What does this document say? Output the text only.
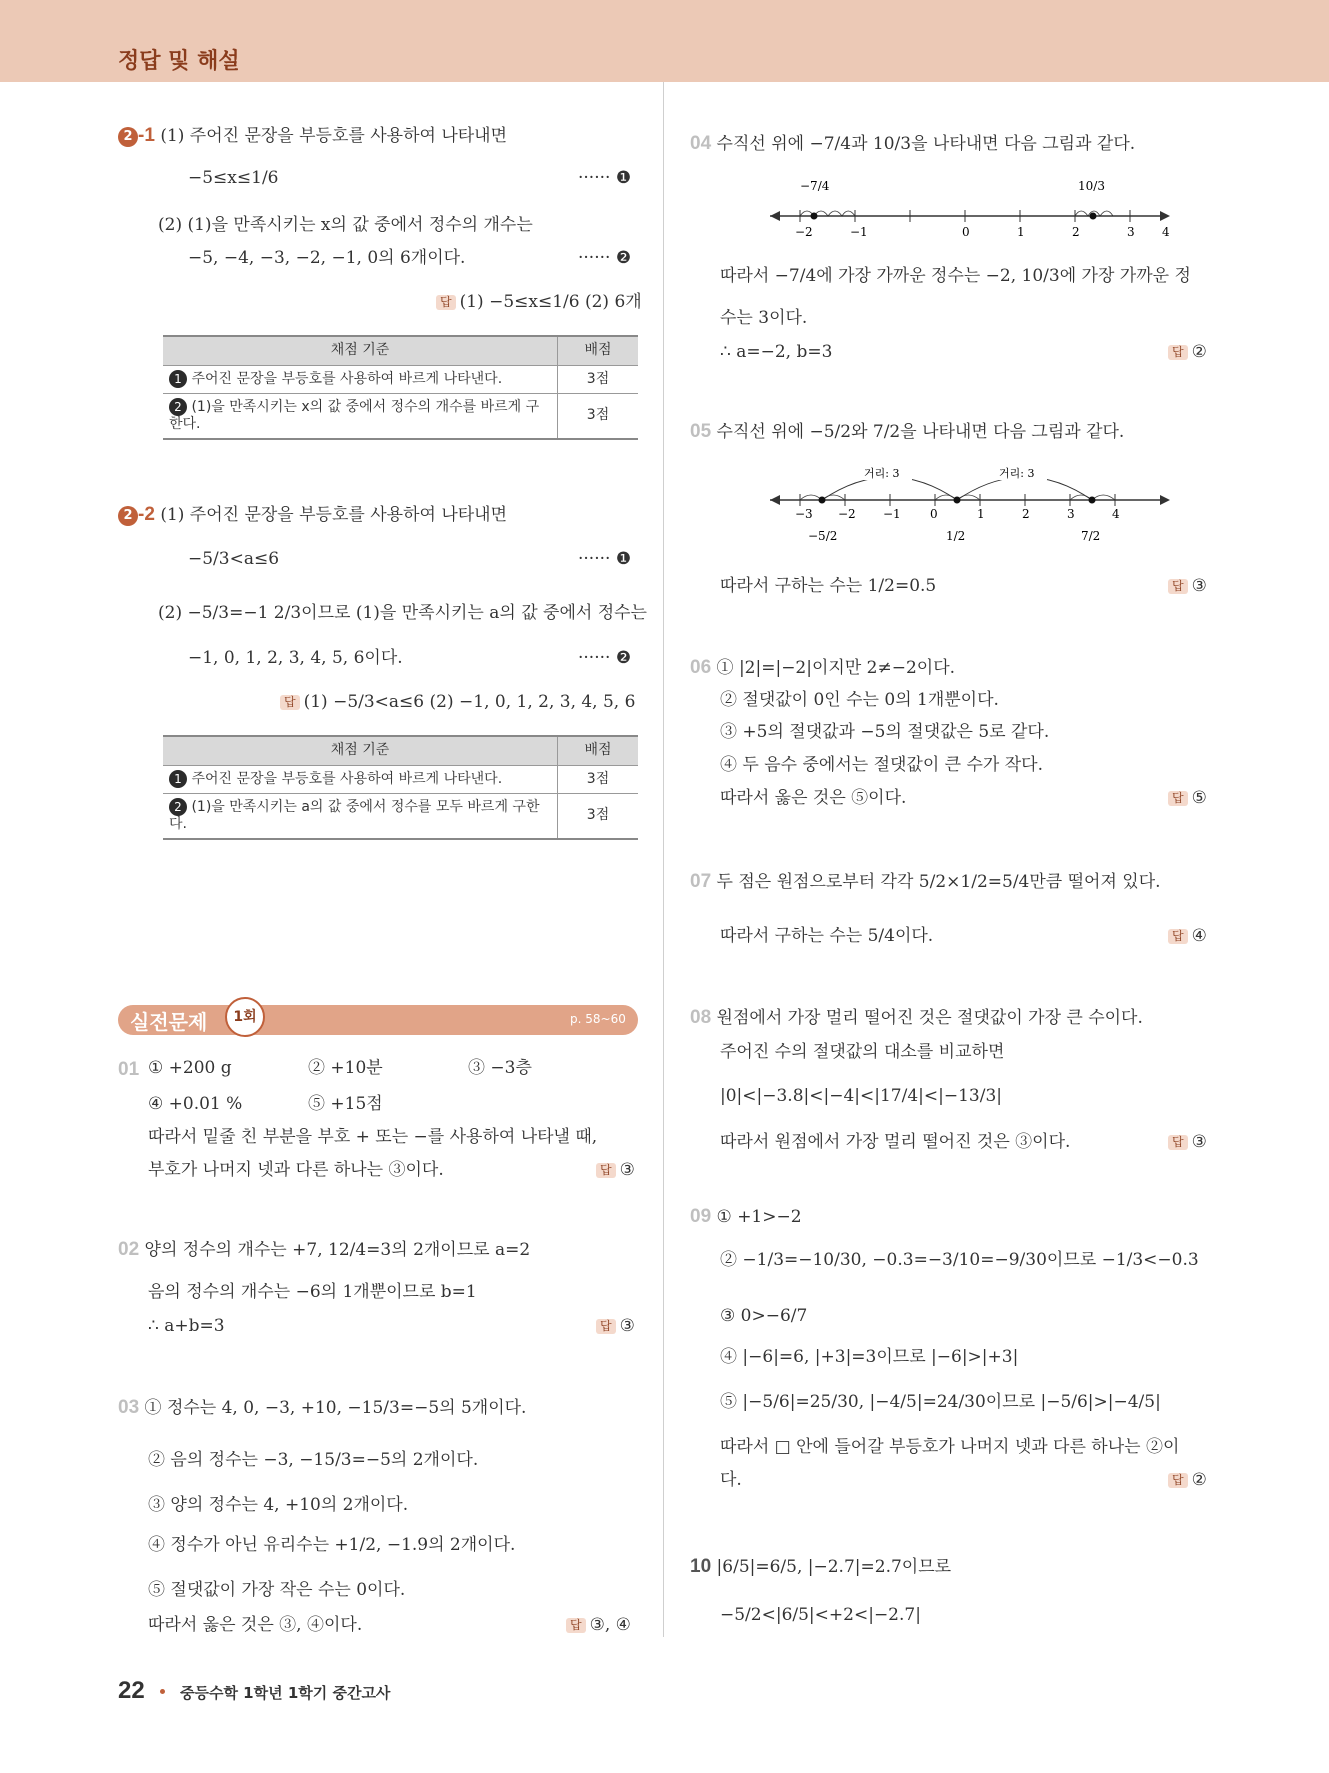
정답 및 해설
2 -1 (1) 주어진 문장을 부등호를 사용하여 나타내면
−5≤x≤1/6	······ ❶
(2) (1)을 만족시키는 x의 값 중에서 정수의 개수는
−5, −4, −3, −2, −1, 0의 6개이다.	······ ❷
답 (1) −5≤x≤1/6 (2) 6개
채점 기준	배점
1 주어진 문장을 부등호를 사용하여 바르게 나타낸다.	3점
2 (1)을 만족시키는 x의 값 중에서 정수의 개수를 바르게 구한다.	3점
2 -2 (1) 주어진 문장을 부등호를 사용하여 나타내면
−5/3<a≤6	······ ❶
(2) −5/3=−1 2/3이므로 (1)을 만족시키는 a의 값 중에서 정수는
−1, 0, 1, 2, 3, 4, 5, 6이다.	······ ❷
답 (1) −5/3<a≤6 (2) −1, 0, 1, 2, 3, 4, 5, 6
채점 기준	배점
1 주어진 문장을 부등호를 사용하여 바르게 나타낸다.	3점
2 (1)을 만족시키는 a의 값 중에서 정수를 모두 바르게 구한다.	3점
실전문제	1회	p. 58~60
01 ① +200 g	② +10분	③ −3층
④ +0.01 %	⑤ +15점
따라서 밑줄 친 부분을 부호 + 또는 −를 사용하여 나타낼 때,
부호가 나머지 넷과 다른 하나는 ③이다.	답 ③
02 양의 정수의 개수는 +7, 12/4=3의 2개이므로 a=2
음의 정수의 개수는 −6의 1개뿐이므로 b=1
∴ a+b=3	답 ③
03 ① 정수는 4, 0, −3, +10, −15/3=−5의 5개이다.
② 음의 정수는 −3, −15/3=−5의 2개이다.
③ 양의 정수는 4, +10의 2개이다.
④ 정수가 아닌 유리수는 +1/2, −1.9의 2개이다.
⑤ 절댓값이 가장 작은 수는 0이다.
따라서 옳은 것은 ③, ④이다.	답 ③, ④
04 수직선 위에 −7/4과 10/3을 나타내면 다음 그림과 같다.
−2	−1	0	1	2	3 4
−7/4	10/3
따라서 −7/4에 가장 가까운 정수는 −2, 10/3에 가장 가까운 정
수는 3이다.
∴ a=−2, b=3	답 ②
05 수직선 위에 −5/2와 7/2을 나타내면 다음 그림과 같다.
−3 −2 −1 0	1	2	3	4
거리: 3	거리: 3
−5/2	1/2	7/2
따라서 구하는 수는 1/2=0.5	답 ③
06 ① |2|=|−2|이지만 2≠−2이다.
② 절댓값이 0인 수는 0의 1개뿐이다.
③ +5의 절댓값과 −5의 절댓값은 5로 같다.
④ 두 음수 중에서는 절댓값이 큰 수가 작다.
따라서 옳은 것은 ⑤이다.	답 ⑤
07 두 점은 원점으로부터 각각 5/2×1/2=5/4만큼 떨어져 있다.
따라서 구하는 수는 5/4이다.	답 ④
08 원점에서 가장 멀리 떨어진 것은 절댓값이 가장 큰 수이다.
주어진 수의 절댓값의 대소를 비교하면
|0|<|−3.8|<|−4|<|17/4|<|−13/3|
따라서 원점에서 가장 멀리 떨어진 것은 ③이다.	답 ③
09 ① +1>−2
② −1/3=−10/30, −0.3=−3/10=−9/30이므로 −1/3<−0.3
③ 0>−6/7
④ |−6|=6, |+3|=3이므로 |−6|>|+3|
⑤ |−5/6|=25/30, |−4/5|=24/30이므로 |−5/6|>|−4/5|
따라서 □ 안에 들어갈 부등호가 나머지 넷과 다른 하나는 ②이
다.	답 ②
10 |6/5|=6/5, |−2.7|=2.7이므로
−5/2<|6/5|<+2<|−2.7|
22 중등수학 1학년 1학기 중간고사
